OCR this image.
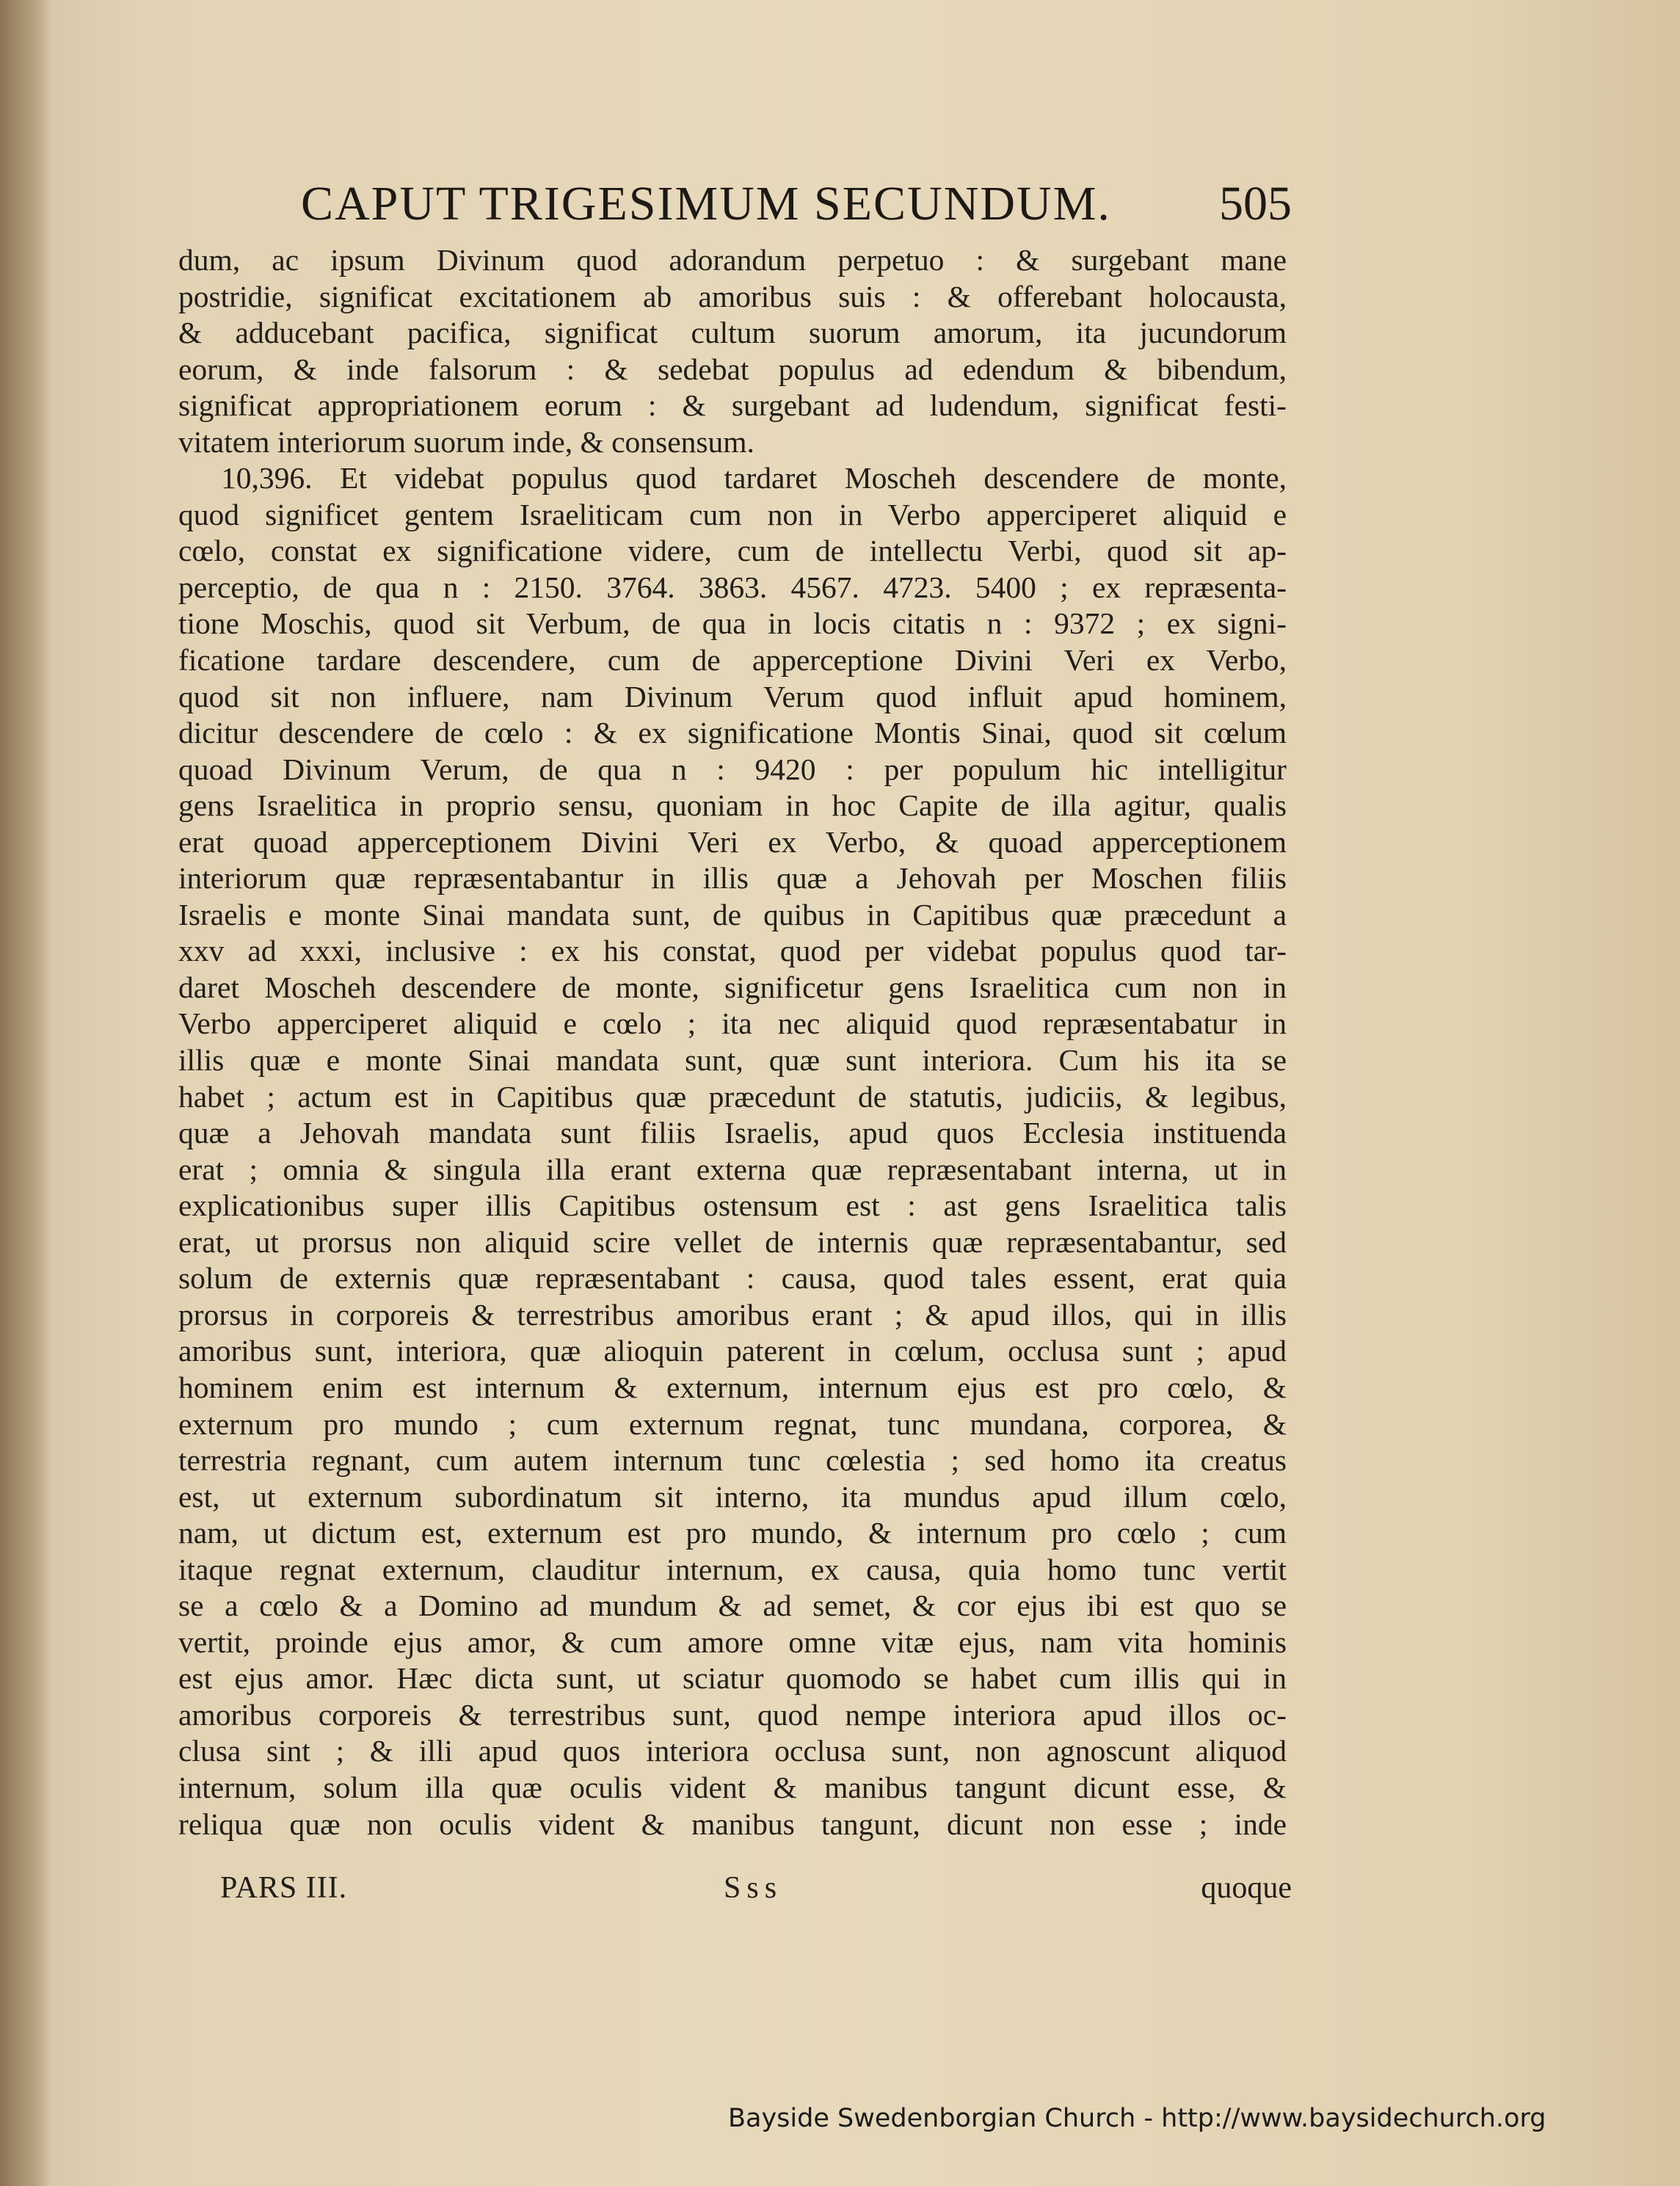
CAPUT TRIGESIMUM SECUNDUM. 505
dum, ac ipsum Divinum quod adorandum perpetuo : & surgebant mane
postridie, significat excitationem ab amoribus suis : & offerebant holocausta,
& adducebant pacifica, significat cultum suorum amorum, ita jucundorum
eorum, & inde falsorum : & sedebat populus ad edendum & bibendum,
significat appropriationem eorum : & surgebant ad ludendum, significat festi-
vitatem interiorum suorum inde, & consensum.
10,396. Et videbat populus quod tardaret Moscheh descendere de monte,
quod significet gentem Israeliticam cum non in Verbo apperciperet aliquid e
cœlo, constat ex significatione videre, cum de intellectu Verbi, quod sit ap-
perceptio, de qua n : 2150. 3764. 3863. 4567. 4723. 5400 ; ex repræsenta-
tione Moschis, quod sit Verbum, de qua in locis citatis n : 9372 ; ex signi-
ficatione tardare descendere, cum de apperceptione Divini Veri ex Verbo,
quod sit non influere, nam Divinum Verum quod influit apud hominem,
dicitur descendere de cœlo : & ex significatione Montis Sinai, quod sit cœlum
quoad Divinum Verum, de qua n : 9420 : per populum hic intelligitur
gens Israelitica in proprio sensu, quoniam in hoc Capite de illa agitur, qualis
erat quoad apperceptionem Divini Veri ex Verbo, & quoad apperceptionem
interiorum quæ repræsentabantur in illis quæ a Jehovah per Moschen filiis
Israelis e monte Sinai mandata sunt, de quibus in Capitibus quæ præcedunt a
xxv ad xxxi, inclusive : ex his constat, quod per videbat populus quod tar-
daret Moscheh descendere de monte, significetur gens Israelitica cum non in
Verbo apperciperet aliquid e cœlo ; ita nec aliquid quod repræsentabatur in
illis quæ e monte Sinai mandata sunt, quæ sunt interiora. Cum his ita se
habet ; actum est in Capitibus quæ præcedunt de statutis, judiciis, & legibus,
quæ a Jehovah mandata sunt filiis Israelis, apud quos Ecclesia instituenda
erat ; omnia & singula illa erant externa quæ repræsentabant interna, ut in
explicationibus super illis Capitibus ostensum est : ast gens Israelitica talis
erat, ut prorsus non aliquid scire vellet de internis quæ repræsentabantur, sed
solum de externis quæ repræsentabant : causa, quod tales essent, erat quia
prorsus in corporeis & terrestribus amoribus erant ; & apud illos, qui in illis
amoribus sunt, interiora, quæ alioquin paterent in cœlum, occlusa sunt ; apud
hominem enim est internum & externum, internum ejus est pro cœlo, &
externum pro mundo ; cum externum regnat, tunc mundana, corporea, &
terrestria regnant, cum autem internum tunc cœlestia ; sed homo ita creatus
est, ut externum subordinatum sit interno, ita mundus apud illum cœlo,
nam, ut dictum est, externum est pro mundo, & internum pro cœlo ; cum
itaque regnat externum, clauditur internum, ex causa, quia homo tunc vertit
se a cœlo & a Domino ad mundum & ad semet, & cor ejus ibi est quo se
vertit, proinde ejus amor, & cum amore omne vitæ ejus, nam vita hominis
est ejus amor. Hæc dicta sunt, ut sciatur quomodo se habet cum illis qui in
amoribus corporeis & terrestribus sunt, quod nempe interiora apud illos oc-
clusa sint ; & illi apud quos interiora occlusa sunt, non agnoscunt aliquod
internum, solum illa quæ oculis vident & manibus tangunt dicunt esse, &
reliqua quæ non oculis vident & manibus tangunt, dicunt non esse ; inde
PARS III.	Sss	quoque
Bayside Swedenborgian Church - http://www.baysidechurch.org
